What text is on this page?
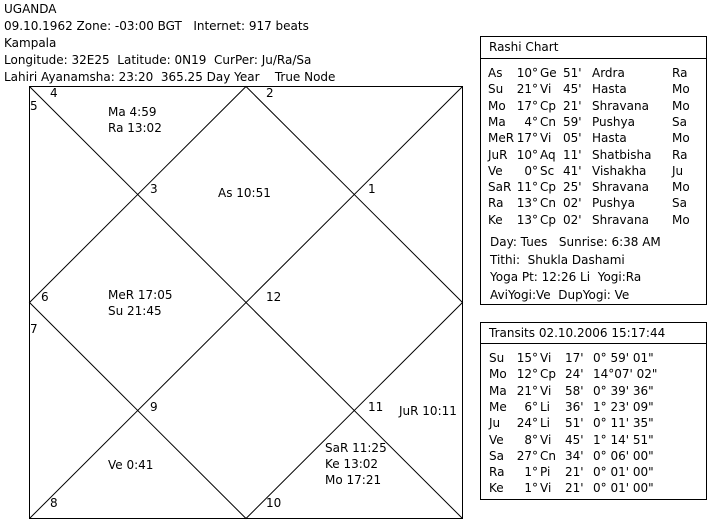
UGANDA
09.10.1962 Zone: -03:00 BGT   Internet: 917 beats
Kampala
Longitude: 32E25  Latitude: 0N19  CurPer: Ju/Ra/Sa
Lahiri Ayanamsha: 23:20  365.25 Day Year    True Node
4
5
2
3	1
6	12
7
9	11
8	10
Ma 4:59
Ra 13:02
As 10:51
MeR 17:05
Su 21:45
JuR 10:11
Ve 0:41
SaR 11:25
Ke 13:02
Mo 17:21
Rashi Chart
As 10° Ge 51' Ardra	Ra
Su 21° Vi 45' Hasta	Mo
Mo 17° Cp 21' Shravana Mo
Ma 4° Cn 59' Pushya	Sa
MeR 17° Vi 05' Hasta	Mo
JuR 10° Aq 11' Shatbisha Ra
Ve 0° Sc 41' Vishakha Ju
SaR 11° Cp 25' Shravana Mo
Ra 13° Cn 02' Pushya	Sa
Ke 13° Cp 02' Shravana Mo
Day: Tues   Sunrise: 6:38 AM
Tithi:  Shukla Dashami
Yoga Pt: 12:26 Li  Yogi:Ra
AviYogi:Ve  DupYogi: Ve
Transits 02.10.2006 15:17:44
Su 15° Vi 17' 0° 59' 01"
Mo 12° Cp 24' 14°07' 02"
Ma 21° Vi 58' 0° 39' 36"
Me 6° Li 36' 1° 23' 09"
Ju 24° Li 51' 0° 11' 35"
Ve 8° Vi 45' 1° 14' 51"
Sa 27° Cn 34' 0° 06' 00"
Ra 1° Pi 21' 0° 01' 00"
Ke 1° Vi 21' 0° 01' 00"
